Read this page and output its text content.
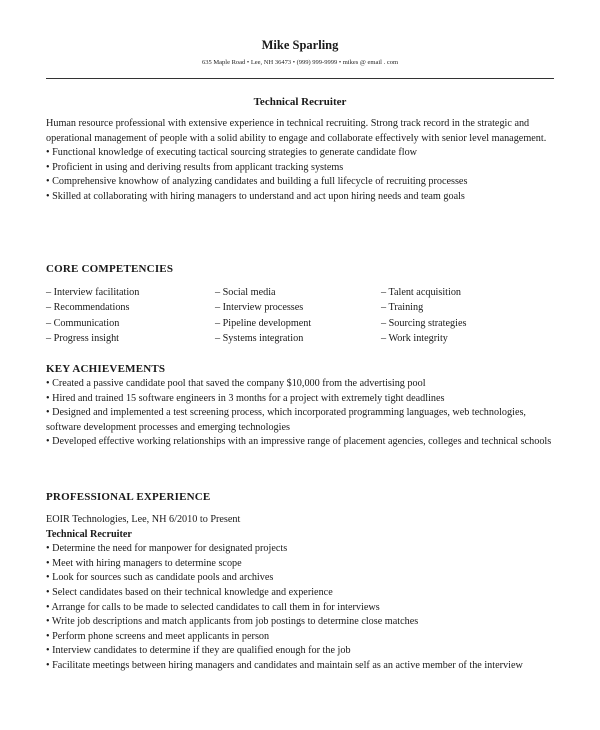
Mike Sparling
635 Maple Road • Lee, NH 36473 • (999) 999-9999 • mikes @ email . com
Technical Recruiter

Human resource professional with extensive experience in technical recruiting. Strong track record in the strategic and operational management of people with a solid ability to engage and collaborate effectively with senior level management.

• Functional knowledge of executing tactical sourcing strategies to generate candidate flow

• Proficient in using and deriving results from applicant tracking systems

• Comprehensive knowhow of analyzing candidates and building a full lifecycle of recruiting processes

• Skilled at collaborating with hiring managers to understand and act upon hiring needs and team goals

CORE COMPETENCIES
– Interview facilitation
– Recommendations
– Communication
– Progress insight
– Social media
– Interview processes
– Pipeline development
– Systems integration
– Talent acquisition
– Training
– Sourcing strategies
– Work integrity
KEY ACHIEVEMENTS

• Created a passive candidate pool that saved the company $10,000 from the advertising pool

• Hired and trained 15 software engineers in 3 months for a project with extremely tight deadlines

• Designed and implemented a test screening process, which incorporated programming languages, web technologies, software development processes and emerging technologies

• Developed effective working relationships with an impressive range of placement agencies, colleges and technical schools

PROFESSIONAL EXPERIENCE

EOIR Technologies, Lee, NH 6/2010 to Present

Technical Recruiter

• Determine the need for manpower for designated projects

• Meet with hiring managers to determine scope

• Look for sources such as candidate pools and archives

• Select candidates based on their technical knowledge and experience

• Arrange for calls to be made to selected candidates to call them in for interviews

• Write job descriptions and match applicants from job postings to determine close matches

• Perform phone screens and meet applicants in person

• Interview candidates to determine if they are qualified enough for the job

• Facilitate meetings between hiring managers and candidates and maintain self as an active member of the interview
